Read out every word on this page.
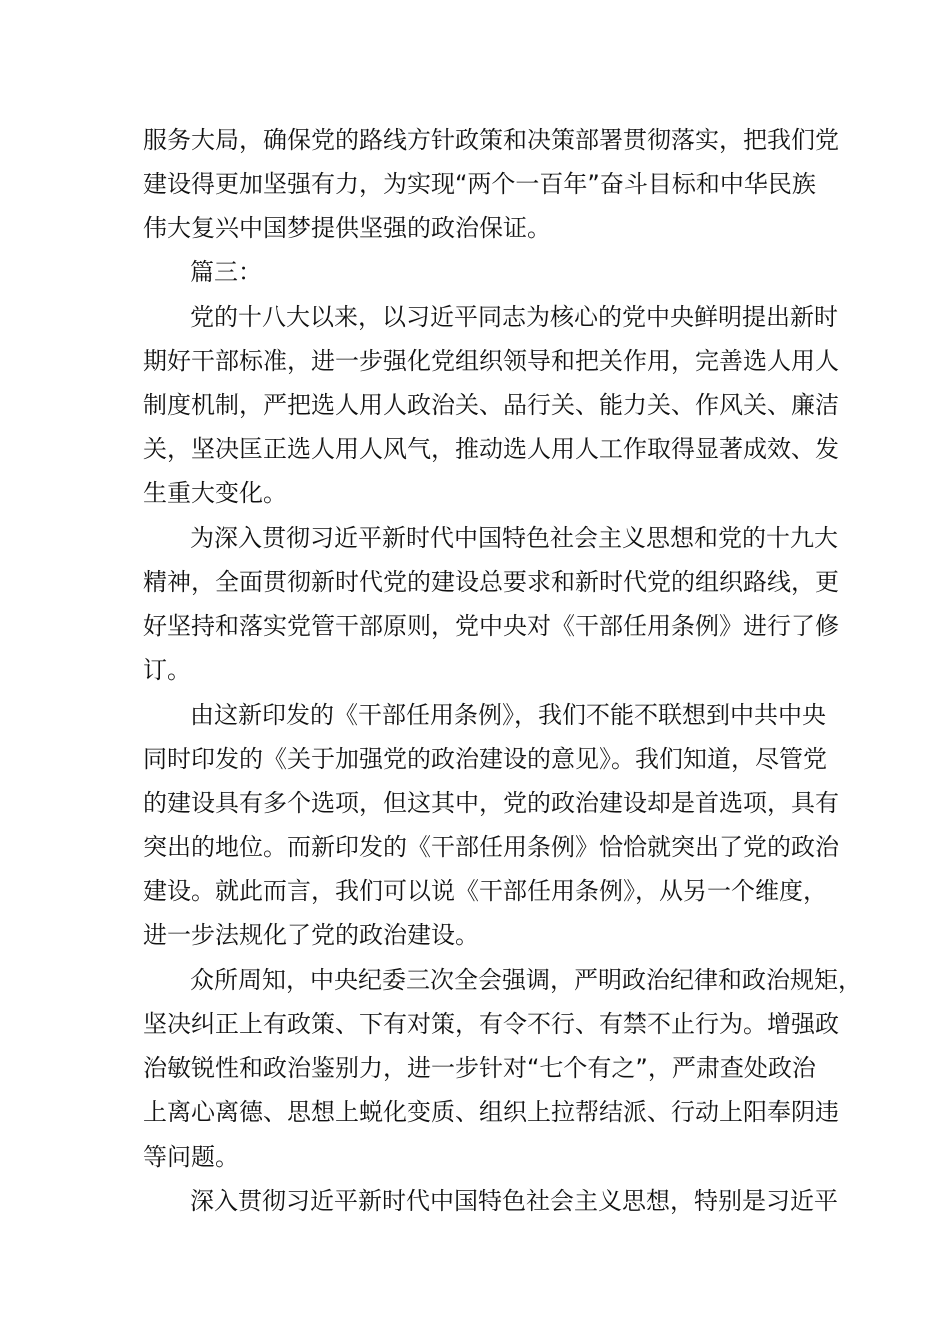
服务大局，确保党的路线方针政策和决策部署贯彻落实，把我们党
建设得更加坚强有力，为实现“两个一百年”奋斗目标和中华民族
伟大复兴中国梦提供坚强的政治保证。
篇三：
党的十八大以来，以习近平同志为核心的党中央鲜明提出新时
期好干部标准，进一步强化党组织领导和把关作用，完善选人用人
制度机制，严把选人用人政治关、品行关、能力关、作风关、廉洁
关，坚决匡正选人用人风气，推动选人用人工作取得显著成效、发
生重大变化。
为深入贯彻习近平新时代中国特色社会主义思想和党的十九大
精神，全面贯彻新时代党的建设总要求和新时代党的组织路线，更
好坚持和落实党管干部原则，党中央对《干部任用条例》进行了修
订。
由这新印发的《干部任用条例》，我们不能不联想到中共中央
同时印发的《关于加强党的政治建设的意见》。我们知道，尽管党
的建设具有多个选项，但这其中，党的政治建设却是首选项，具有
突出的地位。而新印发的《干部任用条例》恰恰就突出了党的政治
建设。就此而言，我们可以说《干部任用条例》，从另一个维度，
进一步法规化了党的政治建设。
众所周知，中央纪委三次全会强调，严明政治纪律和政治规矩，
坚决纠正上有政策、下有对策，有令不行、有禁不止行为。增强政
治敏锐性和政治鉴别力，进一步针对“七个有之”，严肃查处政治
上离心离德、思想上蜕化变质、组织上拉帮结派、行动上阳奉阴违
等问题。
深入贯彻习近平新时代中国特色社会主义思想，特别是习近平
